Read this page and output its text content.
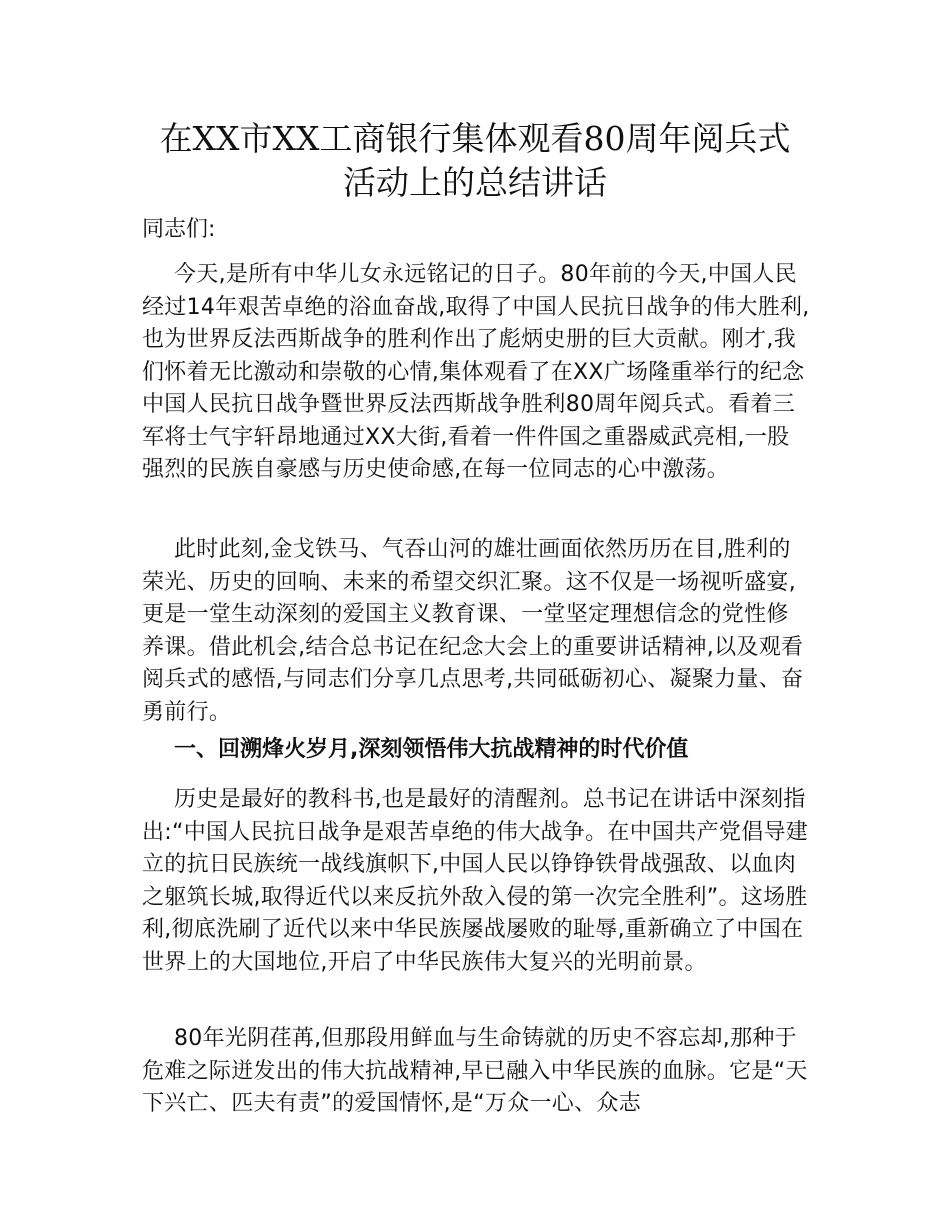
在XX市XX工商银行集体观看80周年阅兵式
活动上的总结讲话

同志们:

今天,是所有中华儿女永远铭记的日子。80年前的今天,中国人民经过14年艰苦卓绝的浴血奋战,取得了中国人民抗日战争的伟大胜利,也为世界反法西斯战争的胜利作出了彪炳史册的巨大贡献。刚才,我们怀着无比激动和崇敬的心情,集体观看了在XX广场隆重举行的纪念中国人民抗日战争暨世界反法西斯战争胜利80周年阅兵式。看着三军将士气宇轩昂地通过XX大街,看着一件件国之重器威武亮相,一股强烈的民族自豪感与历史使命感,在每一位同志的心中激荡。

此时此刻,金戈铁马、气吞山河的雄壮画面依然历历在目,胜利的荣光、历史的回响、未来的希望交织汇聚。这不仅是一场视听盛宴,更是一堂生动深刻的爱国主义教育课、一堂坚定理想信念的党性修养课。借此机会,结合总书记在纪念大会上的重要讲话精神,以及观看阅兵式的感悟,与同志们分享几点思考,共同砥砺初心、凝聚力量、奋勇前行。

一、回溯烽火岁月,深刻领悟伟大抗战精神的时代价值

历史是最好的教科书,也是最好的清醒剂。总书记在讲话中深刻指出:“中国人民抗日战争是艰苦卓绝的伟大战争。在中国共产党倡导建立的抗日民族统一战线旗帜下,中国人民以铮铮铁骨战强敌、以血肉之躯筑长城,取得近代以来反抗外敌入侵的第一次完全胜利”。这场胜利,彻底洗刷了近代以来中华民族屡战屡败的耻辱,重新确立了中国在世界上的大国地位,开启了中华民族伟大复兴的光明前景。

80年光阴荏苒,但那段用鲜血与生命铸就的历史不容忘却,那种于危难之际迸发出的伟大抗战精神,早已融入中华民族的血脉。它是“天下兴亡、匹夫有责”的爱国情怀,是“万众一心、众志
